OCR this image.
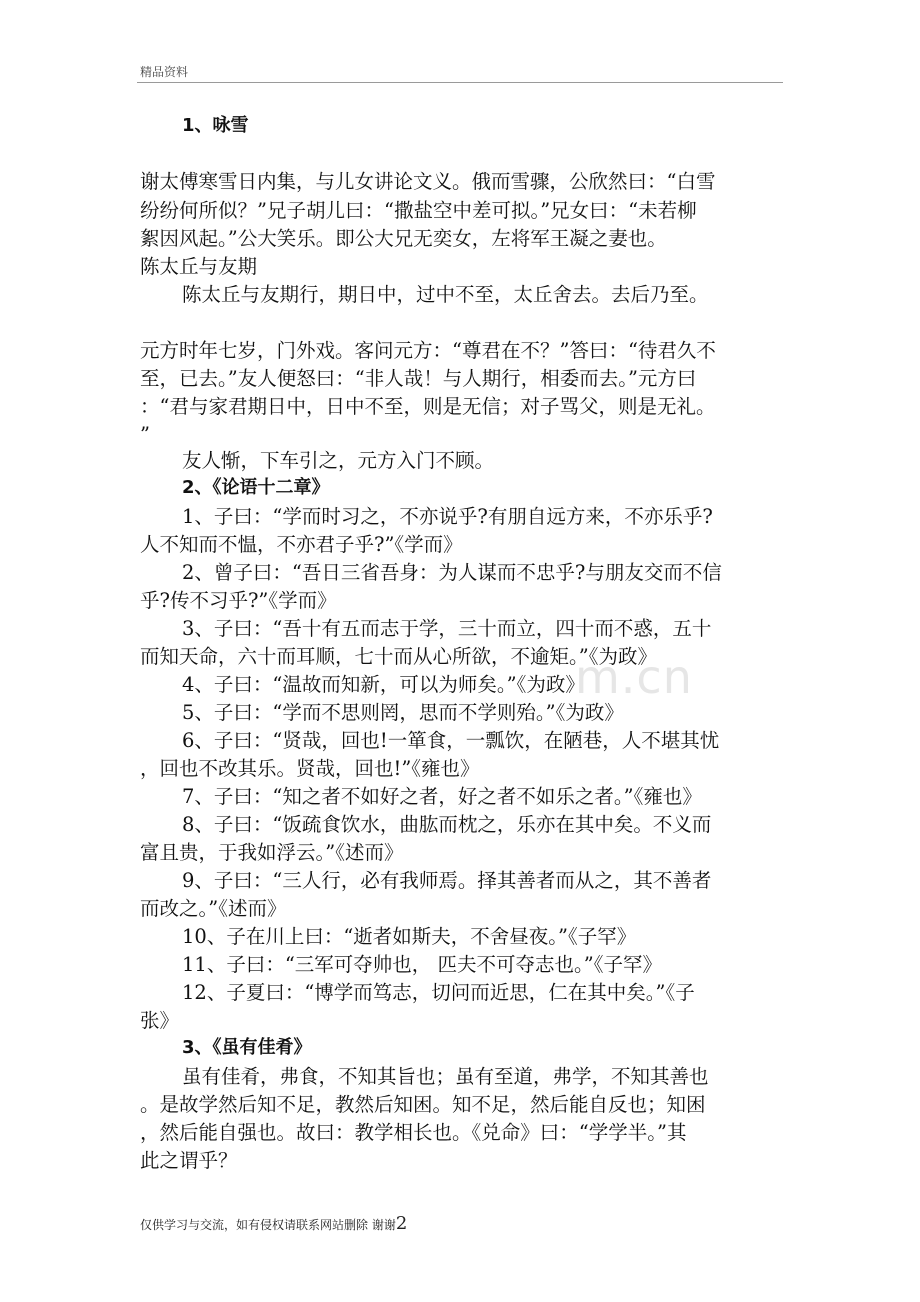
精品资料
m.cn
1、咏雪
谢太傅寒雪日内集，与儿女讲论文义。俄而雪骤，公欣然曰：“白雪
纷纷何所似？”兄子胡儿曰：“撒盐空中差可拟。”兄女曰：“未若柳
絮因风起。”公大笑乐。即公大兄无奕女，左将军王凝之妻也。
陈太丘与友期
陈太丘与友期行，期日中，过中不至，太丘舍去。去后乃至。
元方时年七岁，门外戏。客问元方：“尊君在不？”答曰：“待君久不
至，已去。”友人便怒曰：“非人哉！与人期行，相委而去。”元方曰
：“君与家君期日中，日中不至，则是无信；对子骂父，则是无礼。
”
友人惭，下车引之，元方入门不顾。
2、《论语十二章》
1、子曰：“学而时习之，不亦说乎?有朋自远方来，不亦乐乎?
人不知而不愠，不亦君子乎?”《学而》
2、曾子曰：“吾日三省吾身：为人谋而不忠乎?与朋友交而不信
乎?传不习乎?”《学而》
3、子曰：“吾十有五而志于学，三十而立，四十而不惑，五十
而知天命，六十而耳顺，七十而从心所欲，不逾矩。”《为政》
4、子曰：“温故而知新，可以为师矣。”《为政》
5、子曰：“学而不思则罔，思而不学则殆。”《为政》
6、子曰：“贤哉，回也!一箪食，一瓢饮，在陋巷，人不堪其忧
，回也不改其乐。贤哉，回也!”《雍也》
7、子曰：“知之者不如好之者，好之者不如乐之者。”《雍也》
8、子曰：“饭疏食饮水，曲肱而枕之，乐亦在其中矣。不义而
富且贵，于我如浮云。”《述而》
9、子曰：“三人行，必有我师焉。择其善者而从之，其不善者
而改之。”《述而》
10、子在川上曰：“逝者如斯夫，不舍昼夜。”《子罕》
11、子曰：“三军可夺帅也， 匹夫不可夺志也。”《子罕》
12、子夏曰：“博学而笃志，切问而近思，仁在其中矣。”《子
张》
3、《虽有佳肴》
虽有佳肴，弗食，不知其旨也；虽有至道，弗学，不知其善也
。是故学然后知不足，教然后知困。知不足，然后能自反也；知困
，然后能自强也。故曰：教学相长也。《兑命》曰：“学学半。”其
此之谓乎？
仅供学习与交流，如有侵权请联系网站删除 谢谢2
